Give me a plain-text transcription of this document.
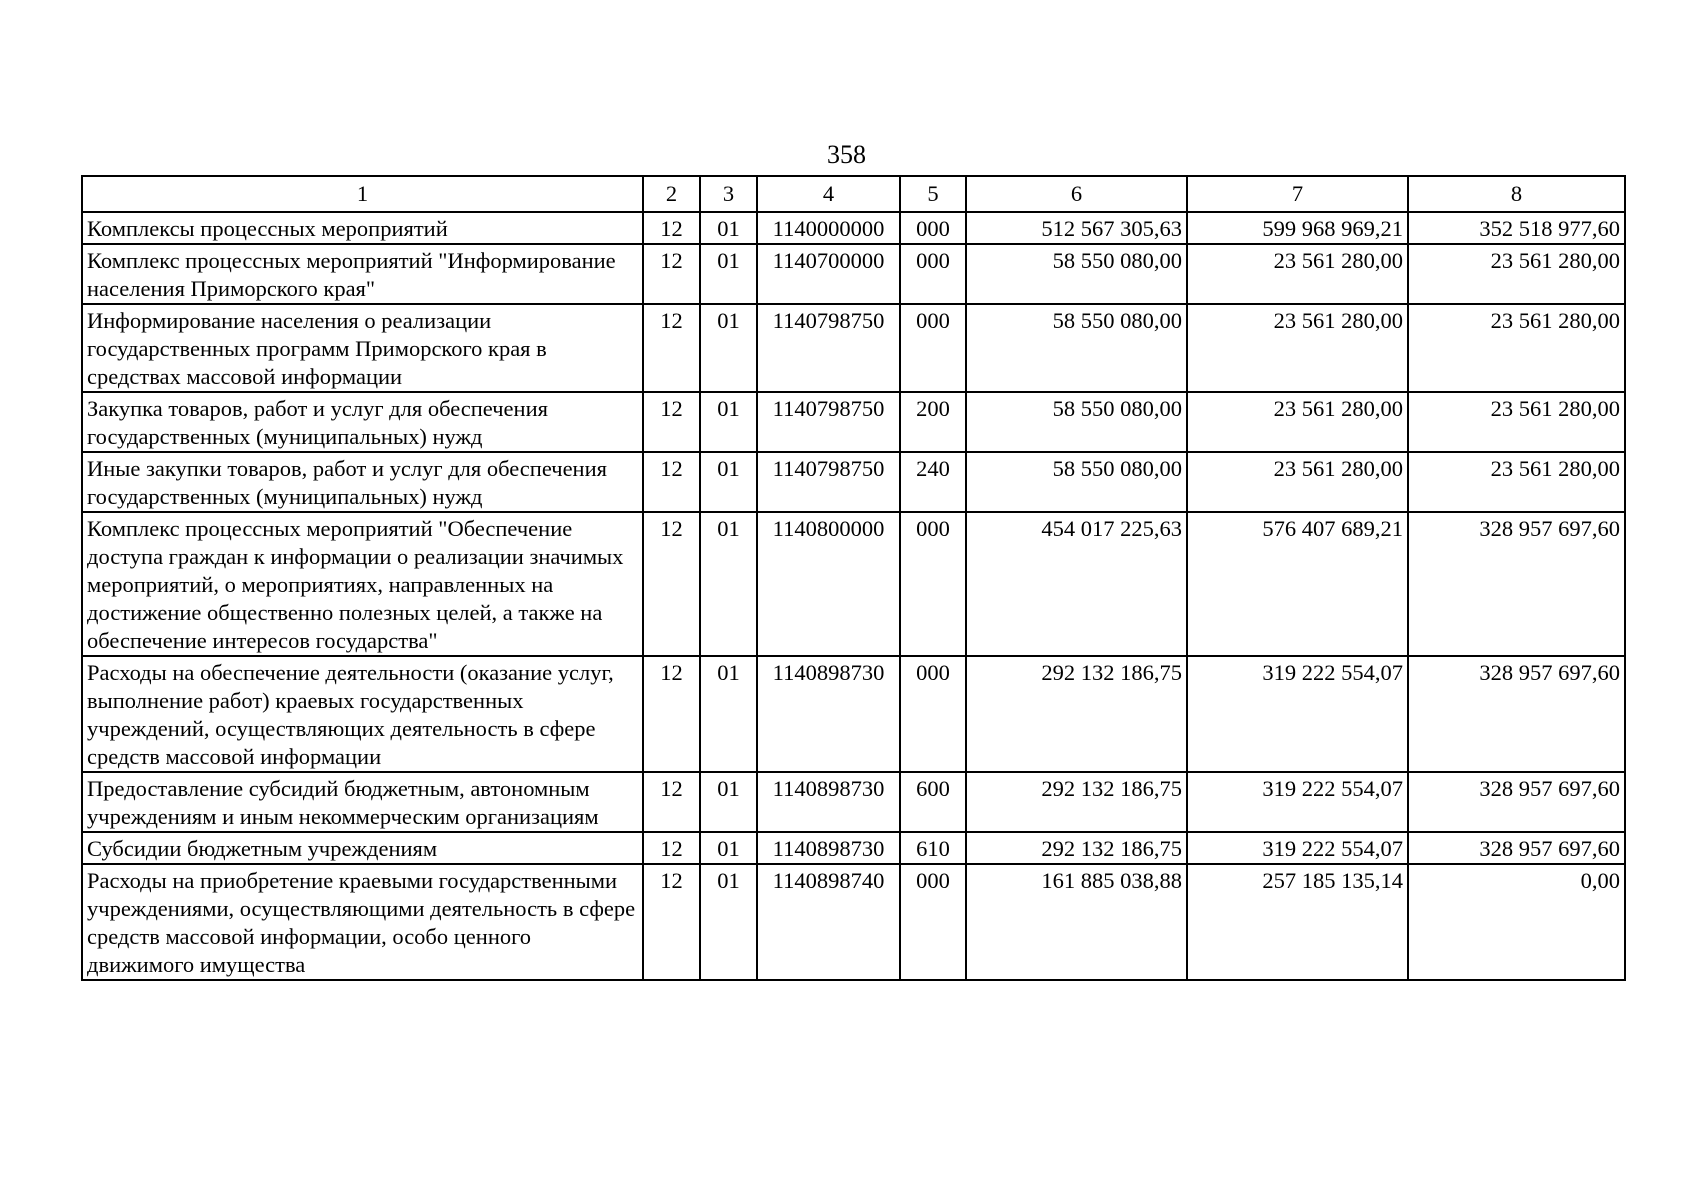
358
1	2	3	4	5	6	7	8
Комплексы процессных мероприятий	12	01	1140000000	000	512 567 305,63	599 968 969,21	352 518 977,60
Комплекс процессных мероприятий "Информирование населения Приморского края"	12	01	1140700000	000	58 550 080,00	23 561 280,00	23 561 280,00
Информирование населения о реализации государственных программ Приморского края в средствах массовой информации	12	01	1140798750	000	58 550 080,00	23 561 280,00	23 561 280,00
Закупка товаров, работ и услуг для обеспечения государственных (муниципальных) нужд	12	01	1140798750	200	58 550 080,00	23 561 280,00	23 561 280,00
Иные закупки товаров, работ и услуг для обеспечения государственных (муниципальных) нужд	12	01	1140798750	240	58 550 080,00	23 561 280,00	23 561 280,00
Комплекс процессных мероприятий "Обеспечение доступа граждан к информации о реализации значимых мероприятий, о мероприятиях, направленных на достижение общественно полезных целей, а также на обеспечение интересов государства"	12	01	1140800000	000	454 017 225,63	576 407 689,21	328 957 697,60
Расходы на обеспечение деятельности (оказание услуг, выполнение работ) краевых государственных учреждений, осуществляющих деятельность в сфере средств массовой информации	12	01	1140898730	000	292 132 186,75	319 222 554,07	328 957 697,60
Предоставление субсидий бюджетным, автономным учреждениям и иным некоммерческим организациям	12	01	1140898730	600	292 132 186,75	319 222 554,07	328 957 697,60
Субсидии бюджетным учреждениям	12	01	1140898730	610	292 132 186,75	319 222 554,07	328 957 697,60
Расходы на приобретение краевыми государственными учреждениями, осуществляющими деятельность в сфере средств массовой информации, особо ценного движимого имущества	12	01	1140898740	000	161 885 038,88	257 185 135,14	0,00
